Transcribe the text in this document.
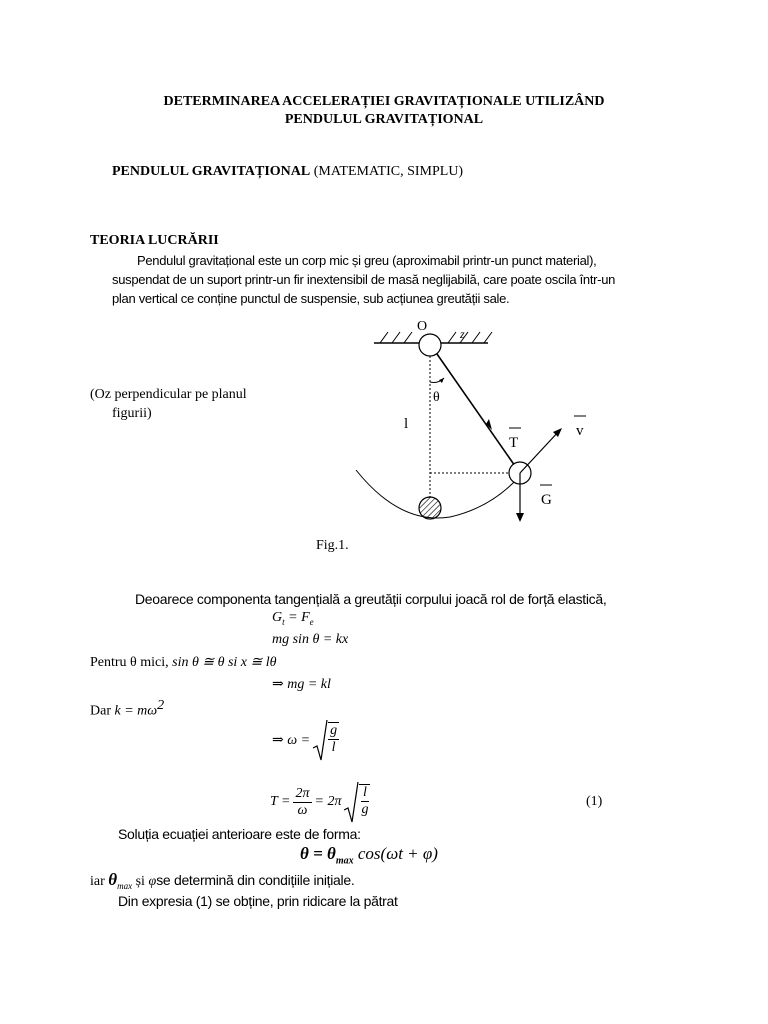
DETERMINAREA ACCELERAȚIEI GRAVITAȚIONALE UTILIZÂND
PENDULUL GRAVITAȚIONAL
PENDULUL GRAVITAȚIONAL (MATEMATIC, SIMPLU)
TEORIA LUCRĂRII
Pendulul gravitațional este un corp mic și greu (aproximabil printr-un punct material),
suspendat de un suport printr-un fir inextensibil de masă neglijabilă, care poate oscila într-un
plan vertical ce conține punctul de suspensie, sub acțiunea greutății sale.
(Oz perpendicular pe planul
figurii)
O	z
θ
l
T
v
G
Fig.1.
Deoarece componenta tangențială a greutății corpului joacă rol de forță elastică,
$G_t = F_e$
mg sin θ = kx
Pentru θ mici, sin θ ≅ θ si x ≅ lθ
⇒ mg = kl
Dar $k = m\omega^2$
⇒ $\omega = \frac{g}{l}$
$T = \frac{2\pi}{\omega} = 2\pi \frac{l}{g}$	(1)
Soluția ecuației anterioare este de forma:
$\theta = \theta_{max}$ cos(ωt + φ)
iar $\theta_{max}$ și φse determină din condițiile inițiale.
Din expresia (1) se obține, prin ridicare la pătrat
